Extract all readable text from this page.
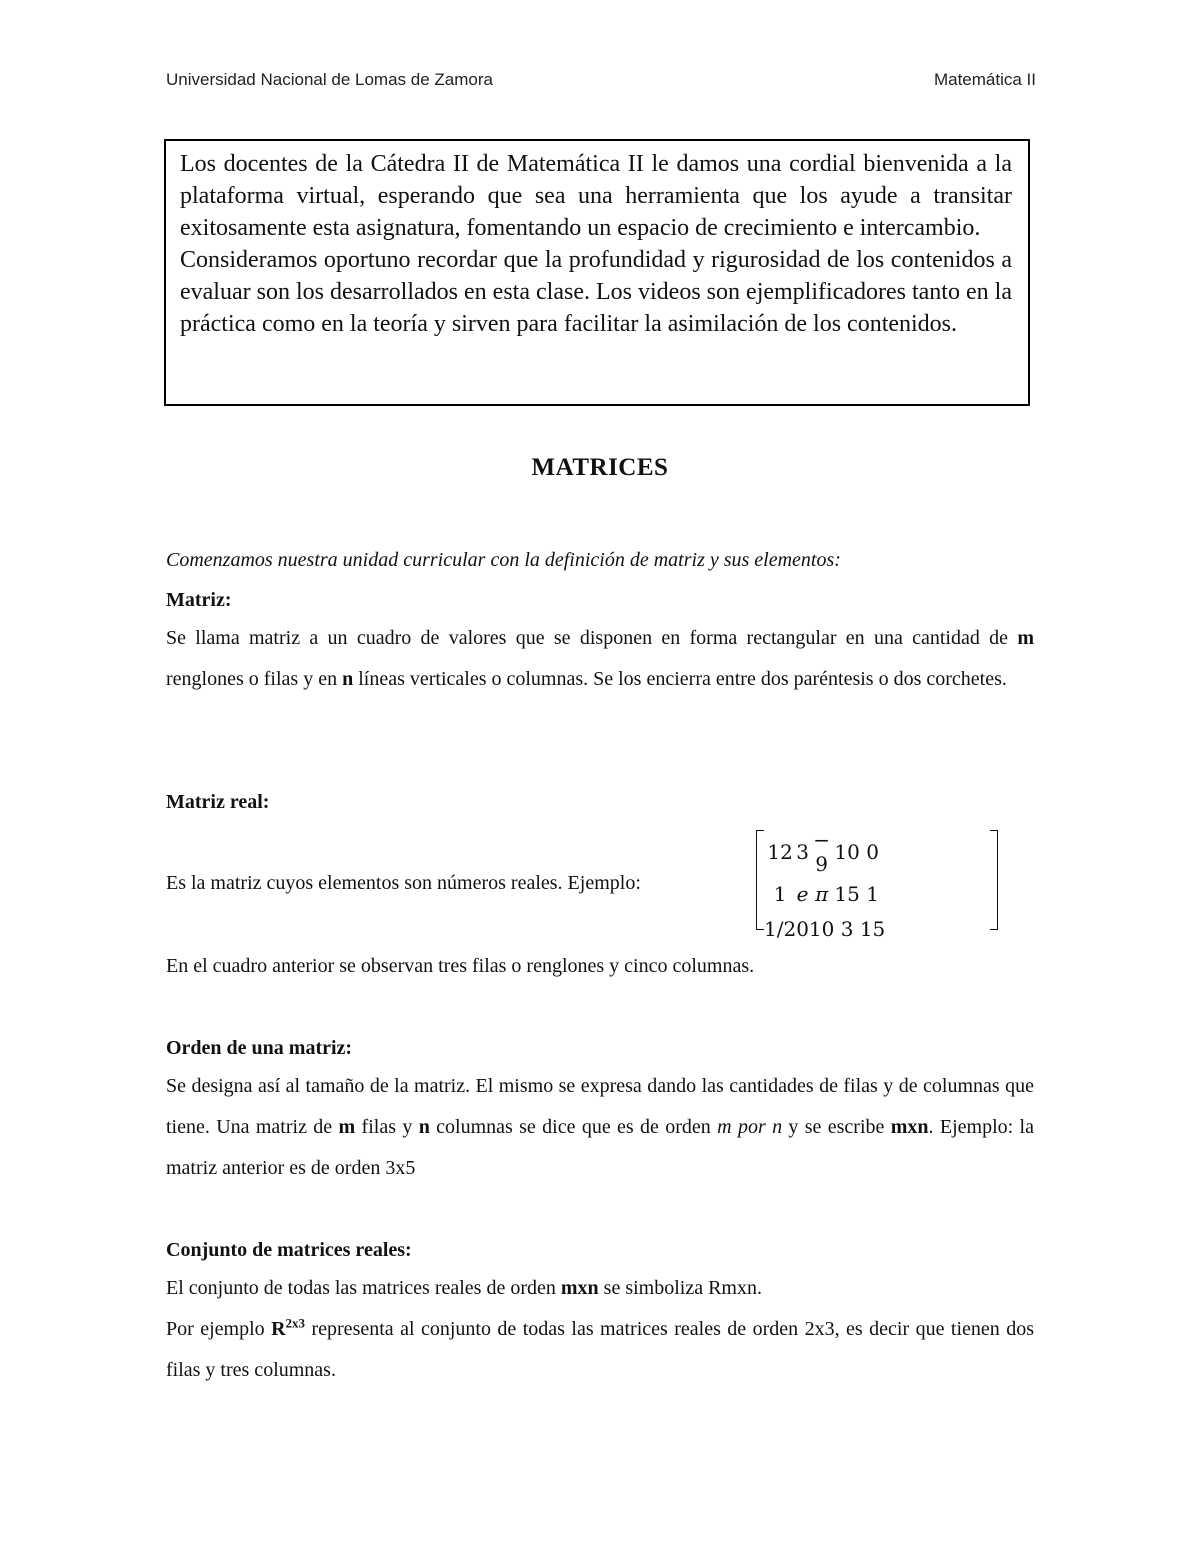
Universidad Nacional de Lomas de Zamora	Matemática II

Los docentes de la Cátedra II de Matemática II le damos una cordial bienvenida a la plataforma virtual, esperando que sea una herramienta que los ayude a transitar exitosamente esta asignatura, fomentando un espacio de crecimiento e intercambio.

Consideramos oportuno recordar que la profundidad y rigurosidad de los contenidos a evaluar son los desarrollados en esta clase. Los videos son ejemplificadores tanto en la práctica como en la teoría y sirven para facilitar la asimilación de los contenidos.

MATRICES

Comenzamos nuestra unidad curricular con la definición de matriz y sus elementos:

Matriz:

Se llama matriz a un cuadro de valores que se disponen en forma rectangular en una cantidad de m renglones o filas y en n líneas verticales o columnas. Se los encierra entre dos paréntesis o dos corchetes.

Matriz real:

Es la matriz cuyos elementos son números reales. Ejemplo:
12	3	− 9	10	0
1	e	π	15	1
1/2	0	10	3	15

En el cuadro anterior se observan tres filas o renglones y cinco columnas.

Orden de una matriz:

Se designa así al tamaño de la matriz. El mismo se expresa dando las cantidades de filas y de columnas que tiene. Una matriz de m filas y n columnas se dice que es de orden m por n y se escribe mxn. Ejemplo: la matriz anterior es de orden 3x5

Conjunto de matrices reales:

El conjunto de todas las matrices reales de orden mxn se simboliza Rmxn.

Por ejemplo $R^{2x3}$ representa al conjunto de todas las matrices reales de orden 2x3, es decir que tienen dos filas y tres columnas.
